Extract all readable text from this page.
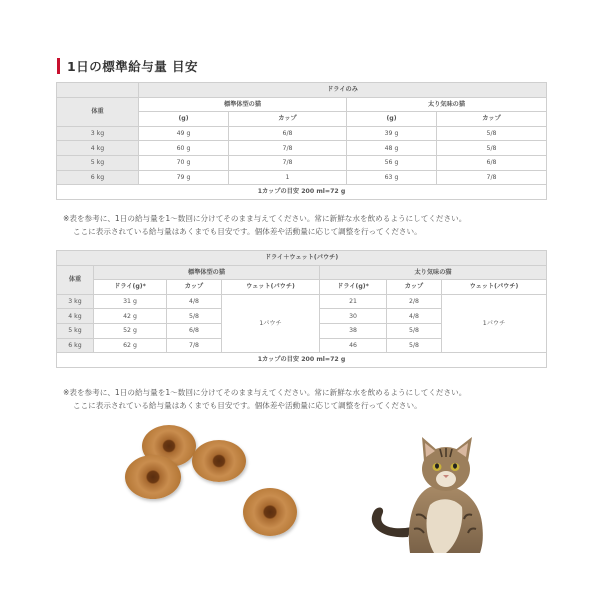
1日の標準給与量 目安
	ドライのみ			
体重	標準体型の猫		太り気味の猫	
	(g)	カップ	(g)	カップ
3 kg	49 g	6/8	39 g	5/8
4 kg	60 g	7/8	48 g	5/8
5 kg	70 g	7/8	56 g	6/8
6 kg	79 g	1	63 g	7/8
1カップの目安 200 ml=72 g				
※表を参考に、1日の給与量を1～数回に分けてそのまま与えてください。常に新鮮な水を飲めるようにしてください。
ここに表示されている給与量はあくまでも目安です。個体差や活動量に応じて調整を行ってください。
ドライ＋ウェット(パウチ)						
体重	標準体型の猫			太り気味の猫		
	ドライ(g)*	カップ	ウェット(パウチ)	ドライ(g)*	カップ	ウェット(パウチ)
3 kg	31 g	4/8	1パウチ	21	2/8	1パウチ
4 kg	42 g	5/8		30	4/8	
5 kg	52 g	6/8		38	5/8	
6 kg	62 g	7/8		46	5/8	
1カップの目安 200 ml=72 g						
※表を参考に、1日の給与量を1～数回に分けてそのまま与えてください。常に新鮮な水を飲めるようにしてください。
ここに表示されている給与量はあくまでも目安です。個体差や活動量に応じて調整を行ってください。
